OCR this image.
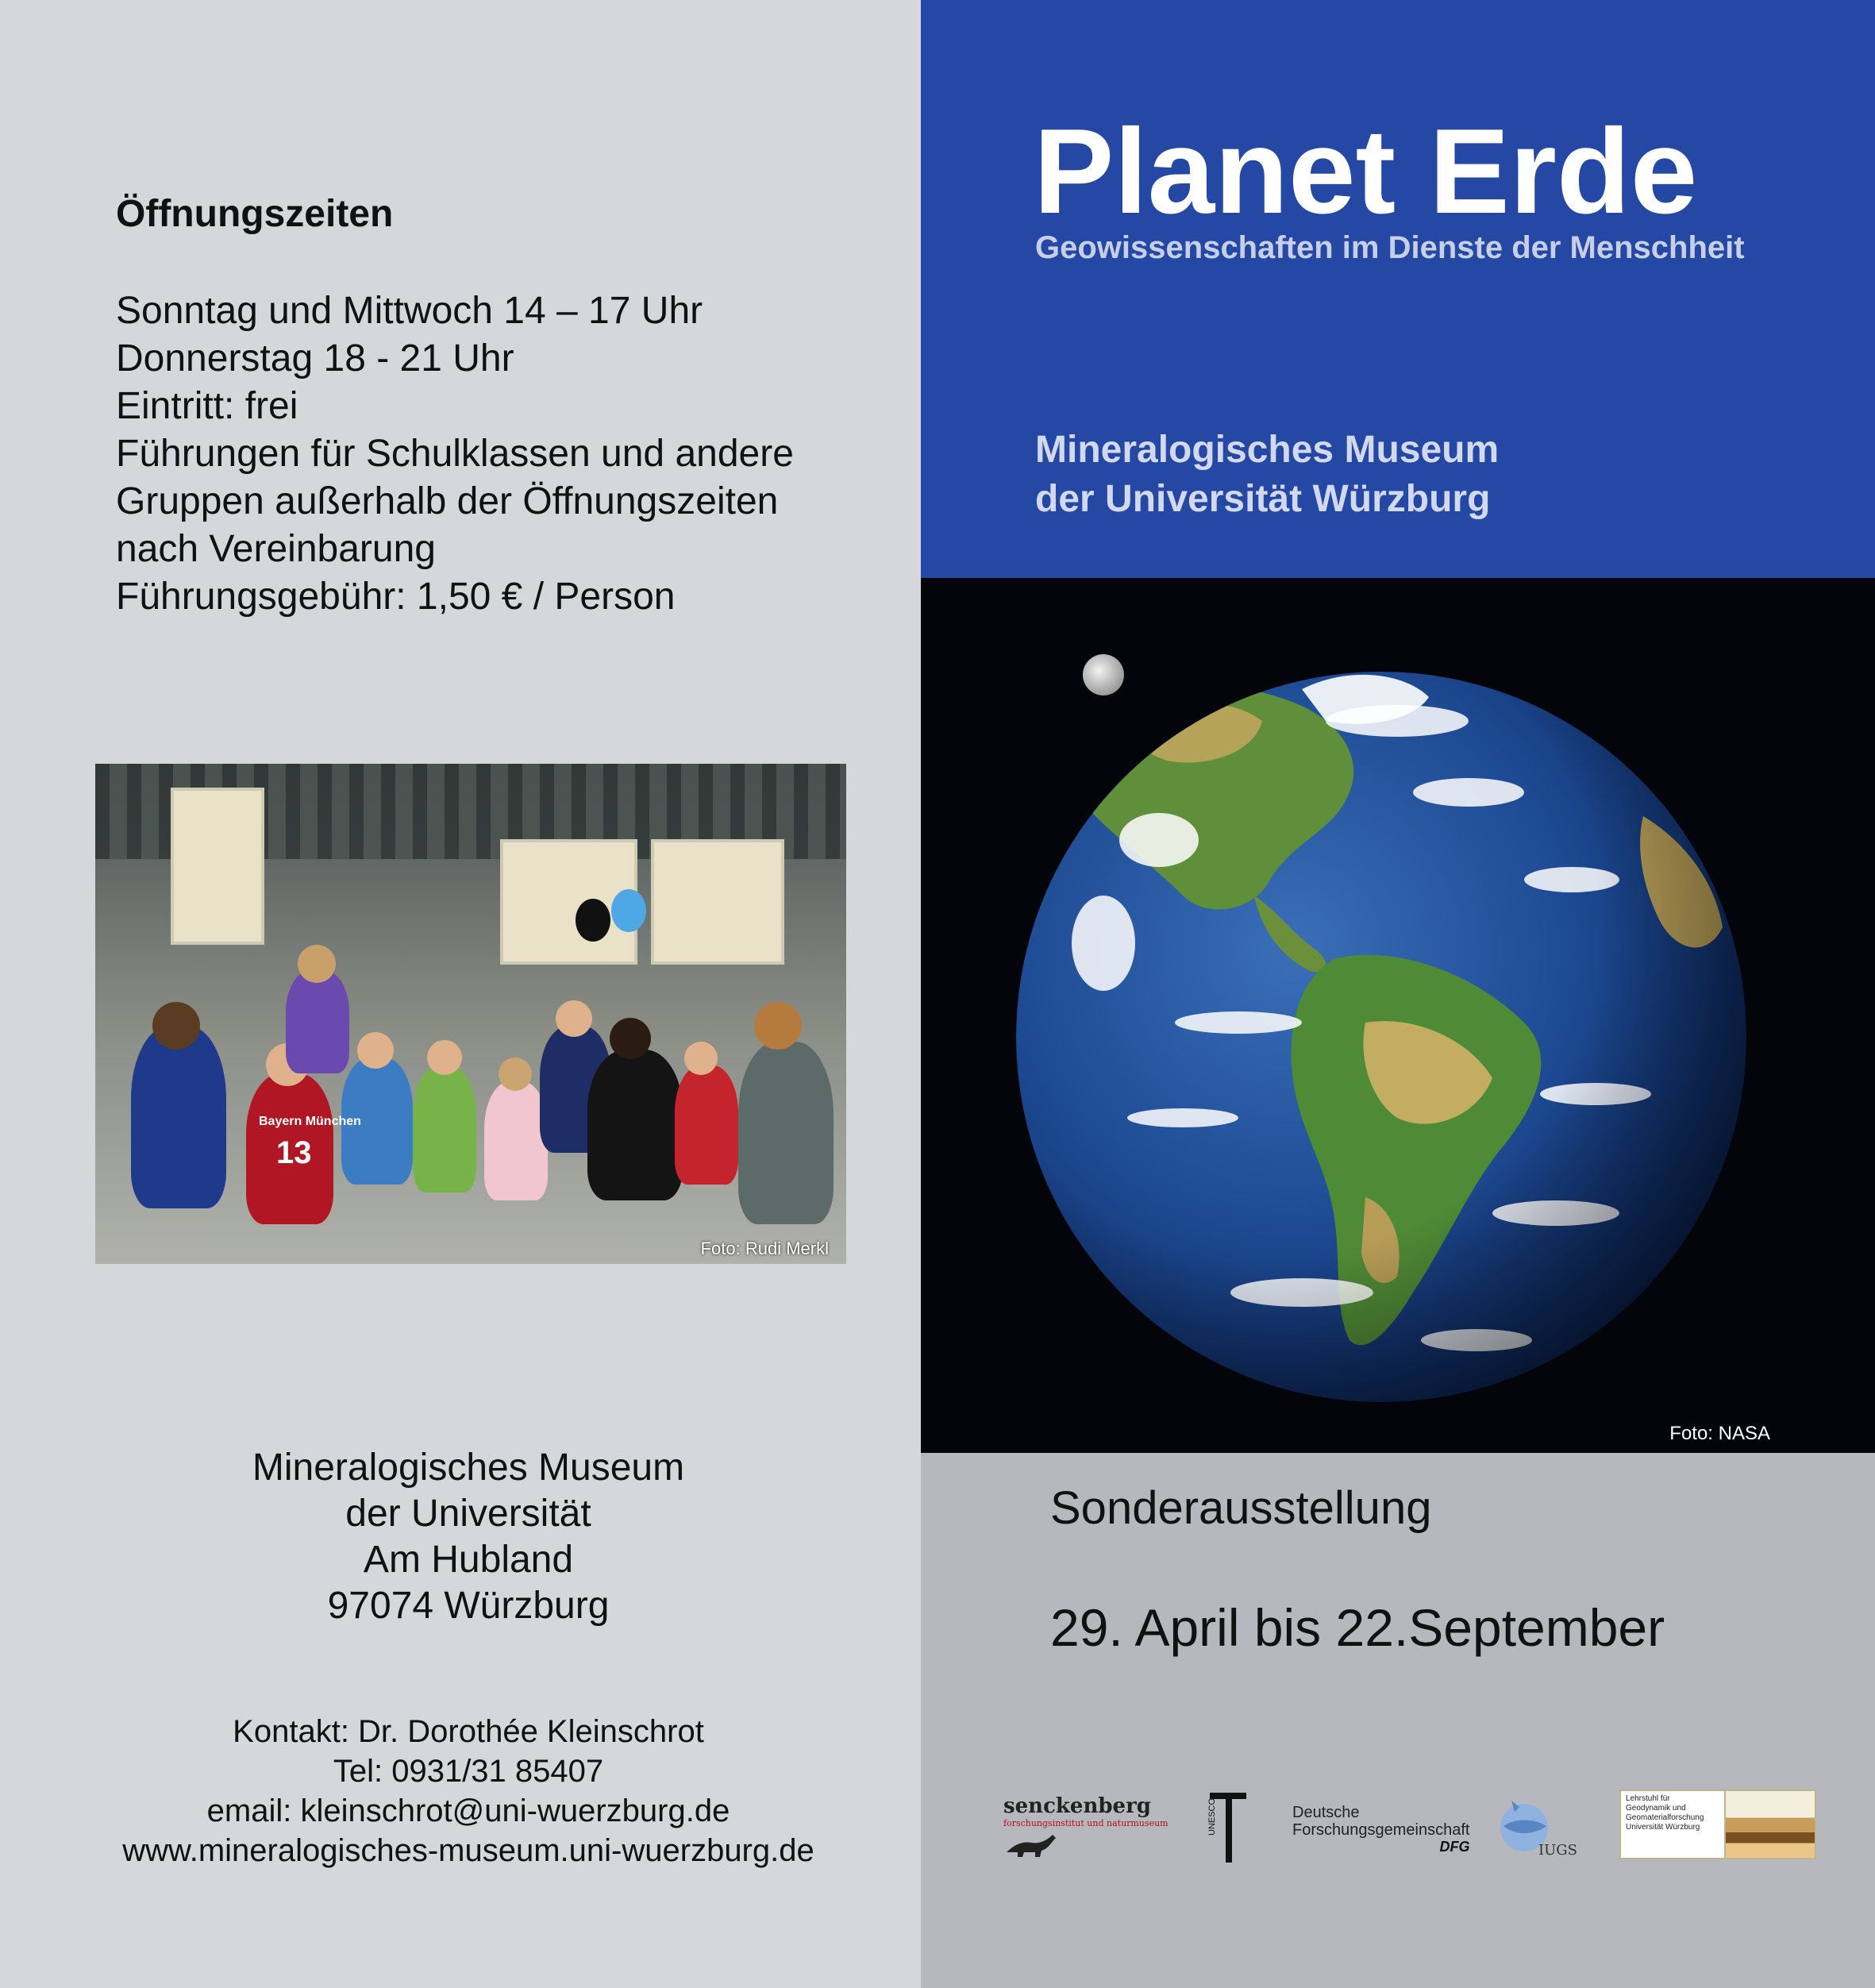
Öffnungszeiten
Sonntag und Mittwoch 14 – 17 Uhr
Donnerstag 18 - 21 Uhr
Eintritt: frei
Führungen für Schulklassen und andere
Gruppen außerhalb der Öffnungszeiten
nach Vereinbarung
Führungsgebühr: 1,50 € / Person
Bayern München
13
Foto: Rudi Merkl
Mineralogisches Museum
der Universität
Am Hubland
97074 Würzburg
Kontakt: Dr. Dorothée Kleinschrot
Tel: 0931/31 85407
email: kleinschrot@uni-wuerzburg.de
www.mineralogisches-museum.uni-wuerzburg.de
Planet Erde
Geowissenschaften im Dienste der Menschheit
Mineralogisches Museum
der Universität Würzburg
Foto: NASA
Sonderausstellung
29. April bis 22.September
senckenberg
forschungsinstitut und naturmuseum	UNESCO	Deutsche
Forschungsgemeinschaft
DFG	IUGS
Lehrstuhl für
Geodynamik und
Geomaterialforschung
Universität Würzburg
